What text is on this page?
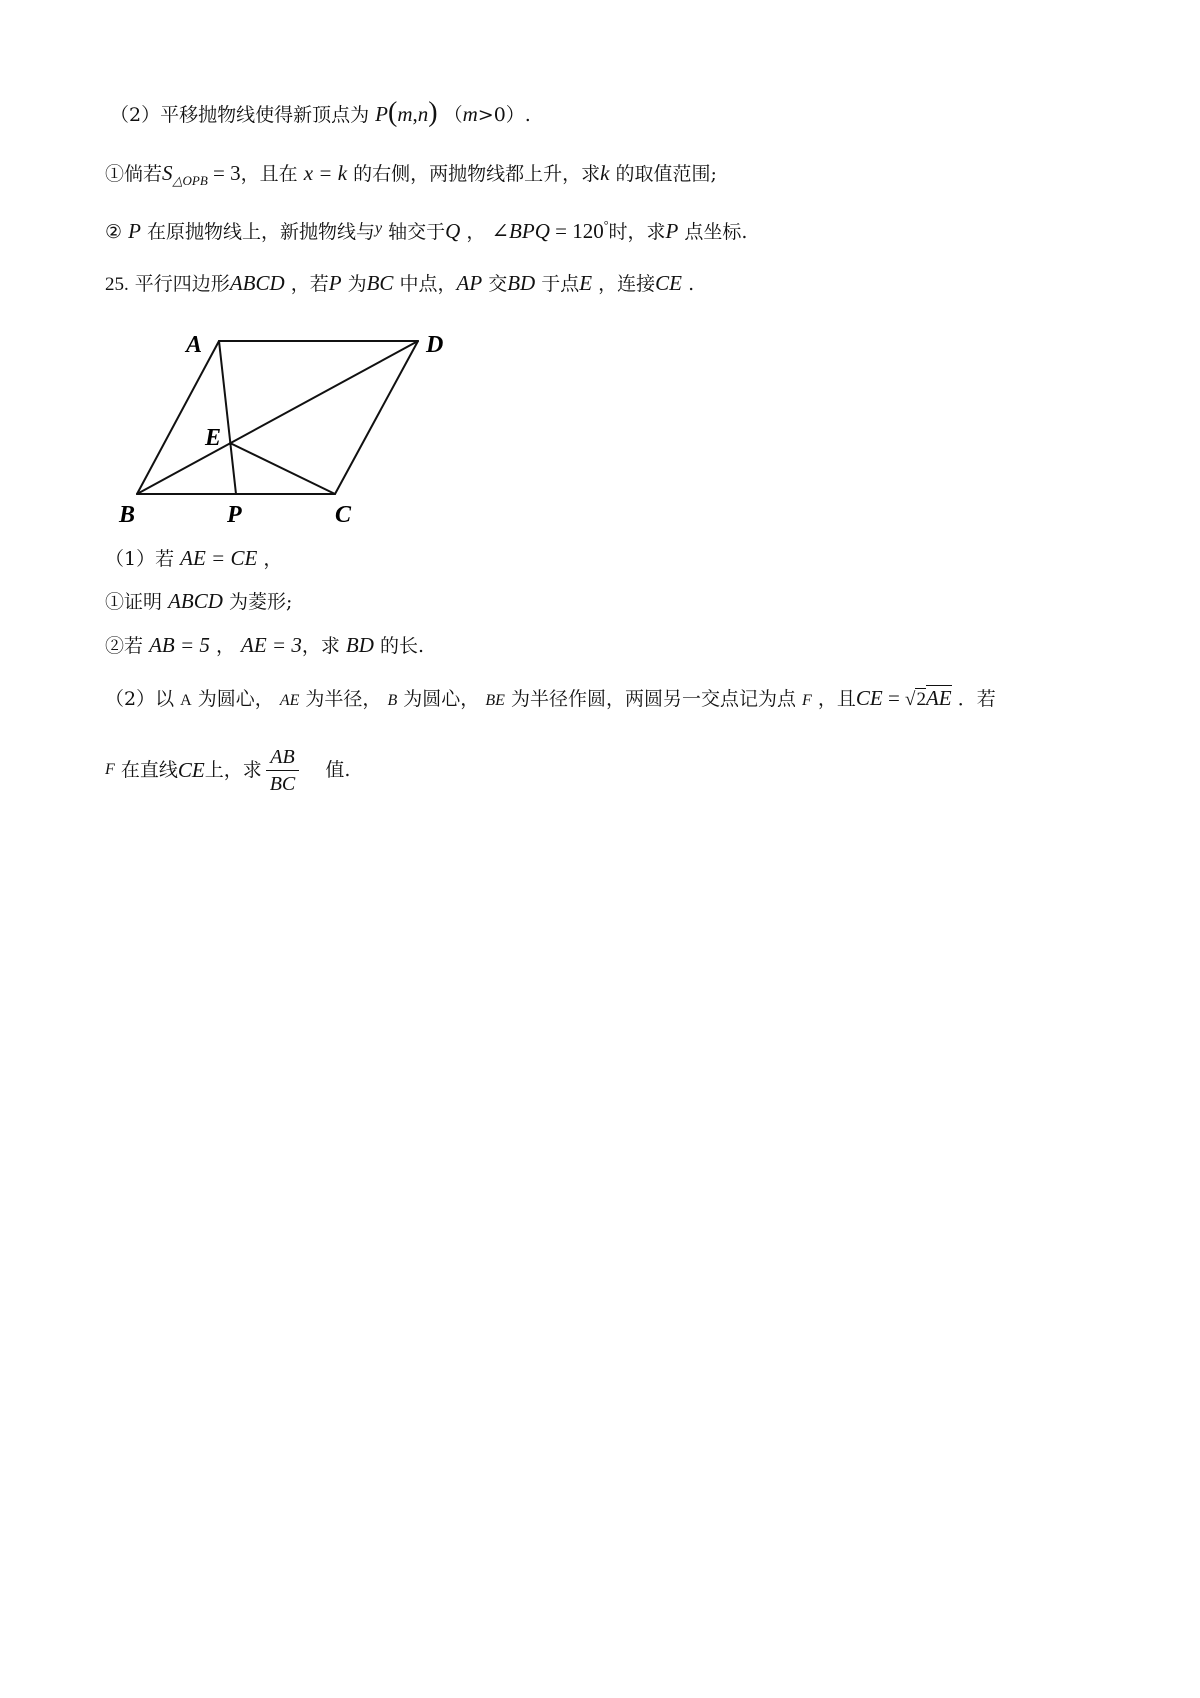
（2）平移抛物线使得新顶点为 P(m,n) （m>0）.
①倘若$S_{\triangle OPB} = 3$，且在 x = k 的右侧，两抛物线都上升，求k 的取值范围;
② P 在原抛物线上，新抛物线与$^y$ 轴交于Q ， ∠BPQ = 120°时，求P 点坐标.
25. 平行四边形ABCD ，若P 为BC 中点，AP 交BD 于点E ，连接CE .
A	D
E
B	P	C
（1）若 AE = CE ，
①证明 ABCD 为菱形;
②若 AB = 5 ， AE = 3，求 BD 的长.
（2）以 A 为圆心， AE 为半径， B 为圆心， BE 为半径作圆，两圆另一交点记为点 F ，且CE = √2AE ．若
F 在直线CE上，求 $\frac{AB}{BC}$ 值.
